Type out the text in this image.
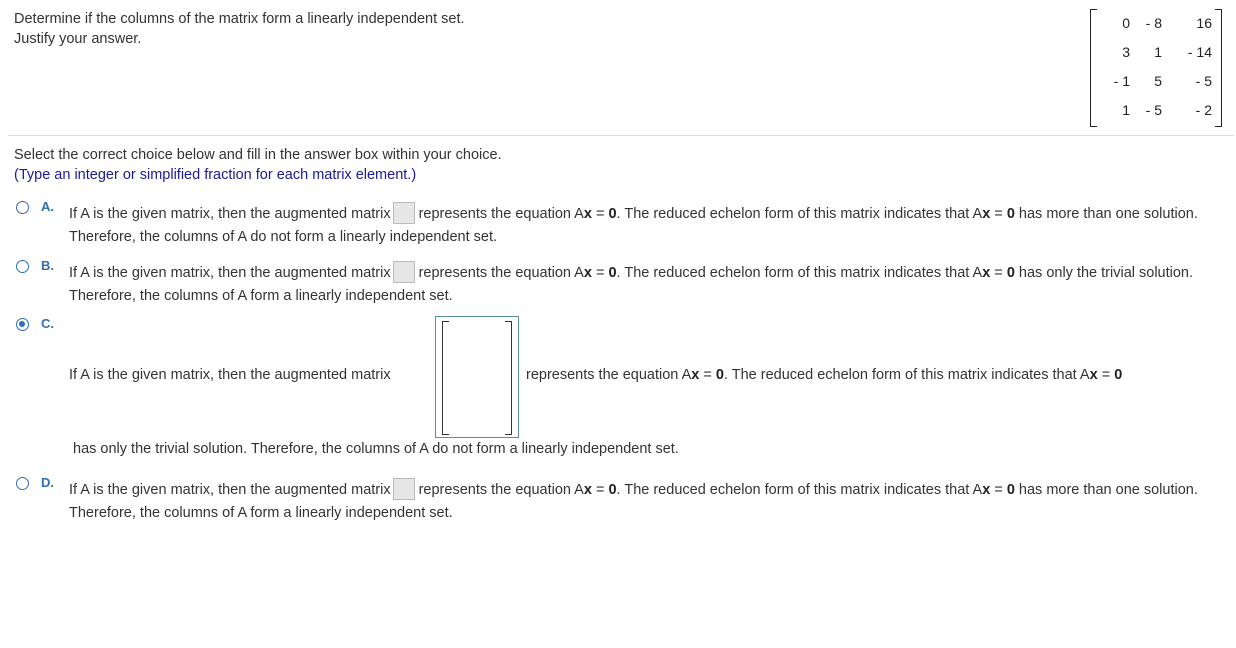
Determine if the columns of the matrix form a linearly independent set.
Justify your answer.
0	- 8	16
3	1	- 14
- 1	5	- 5
1	- 5	- 2
Select the correct choice below and fill in the answer box within your choice.
(Type an integer or simplified fraction for each matrix element.)
A. If A is the given matrix, then the augmented matrix represents the equation Ax = 0. The reduced echelon form of this matrix indicates that Ax = 0 has more than one solution. Therefore, the columns of A do not form a linearly independent set.
B. If A is the given matrix, then the augmented matrix represents the equation Ax = 0. The reduced echelon form of this matrix indicates that Ax = 0 has only the trivial solution. Therefore, the columns of A form a linearly independent set.
C.
If A is the given matrix, then the augmented matrix	represents the equation Ax = 0. The reduced echelon form of this matrix indicates that Ax = 0
has only the trivial solution. Therefore, the columns of A do not form a linearly independent set.
D. If A is the given matrix, then the augmented matrix represents the equation Ax = 0. The reduced echelon form of this matrix indicates that Ax = 0 has more than one solution. Therefore, the columns of A form a linearly independent set.
